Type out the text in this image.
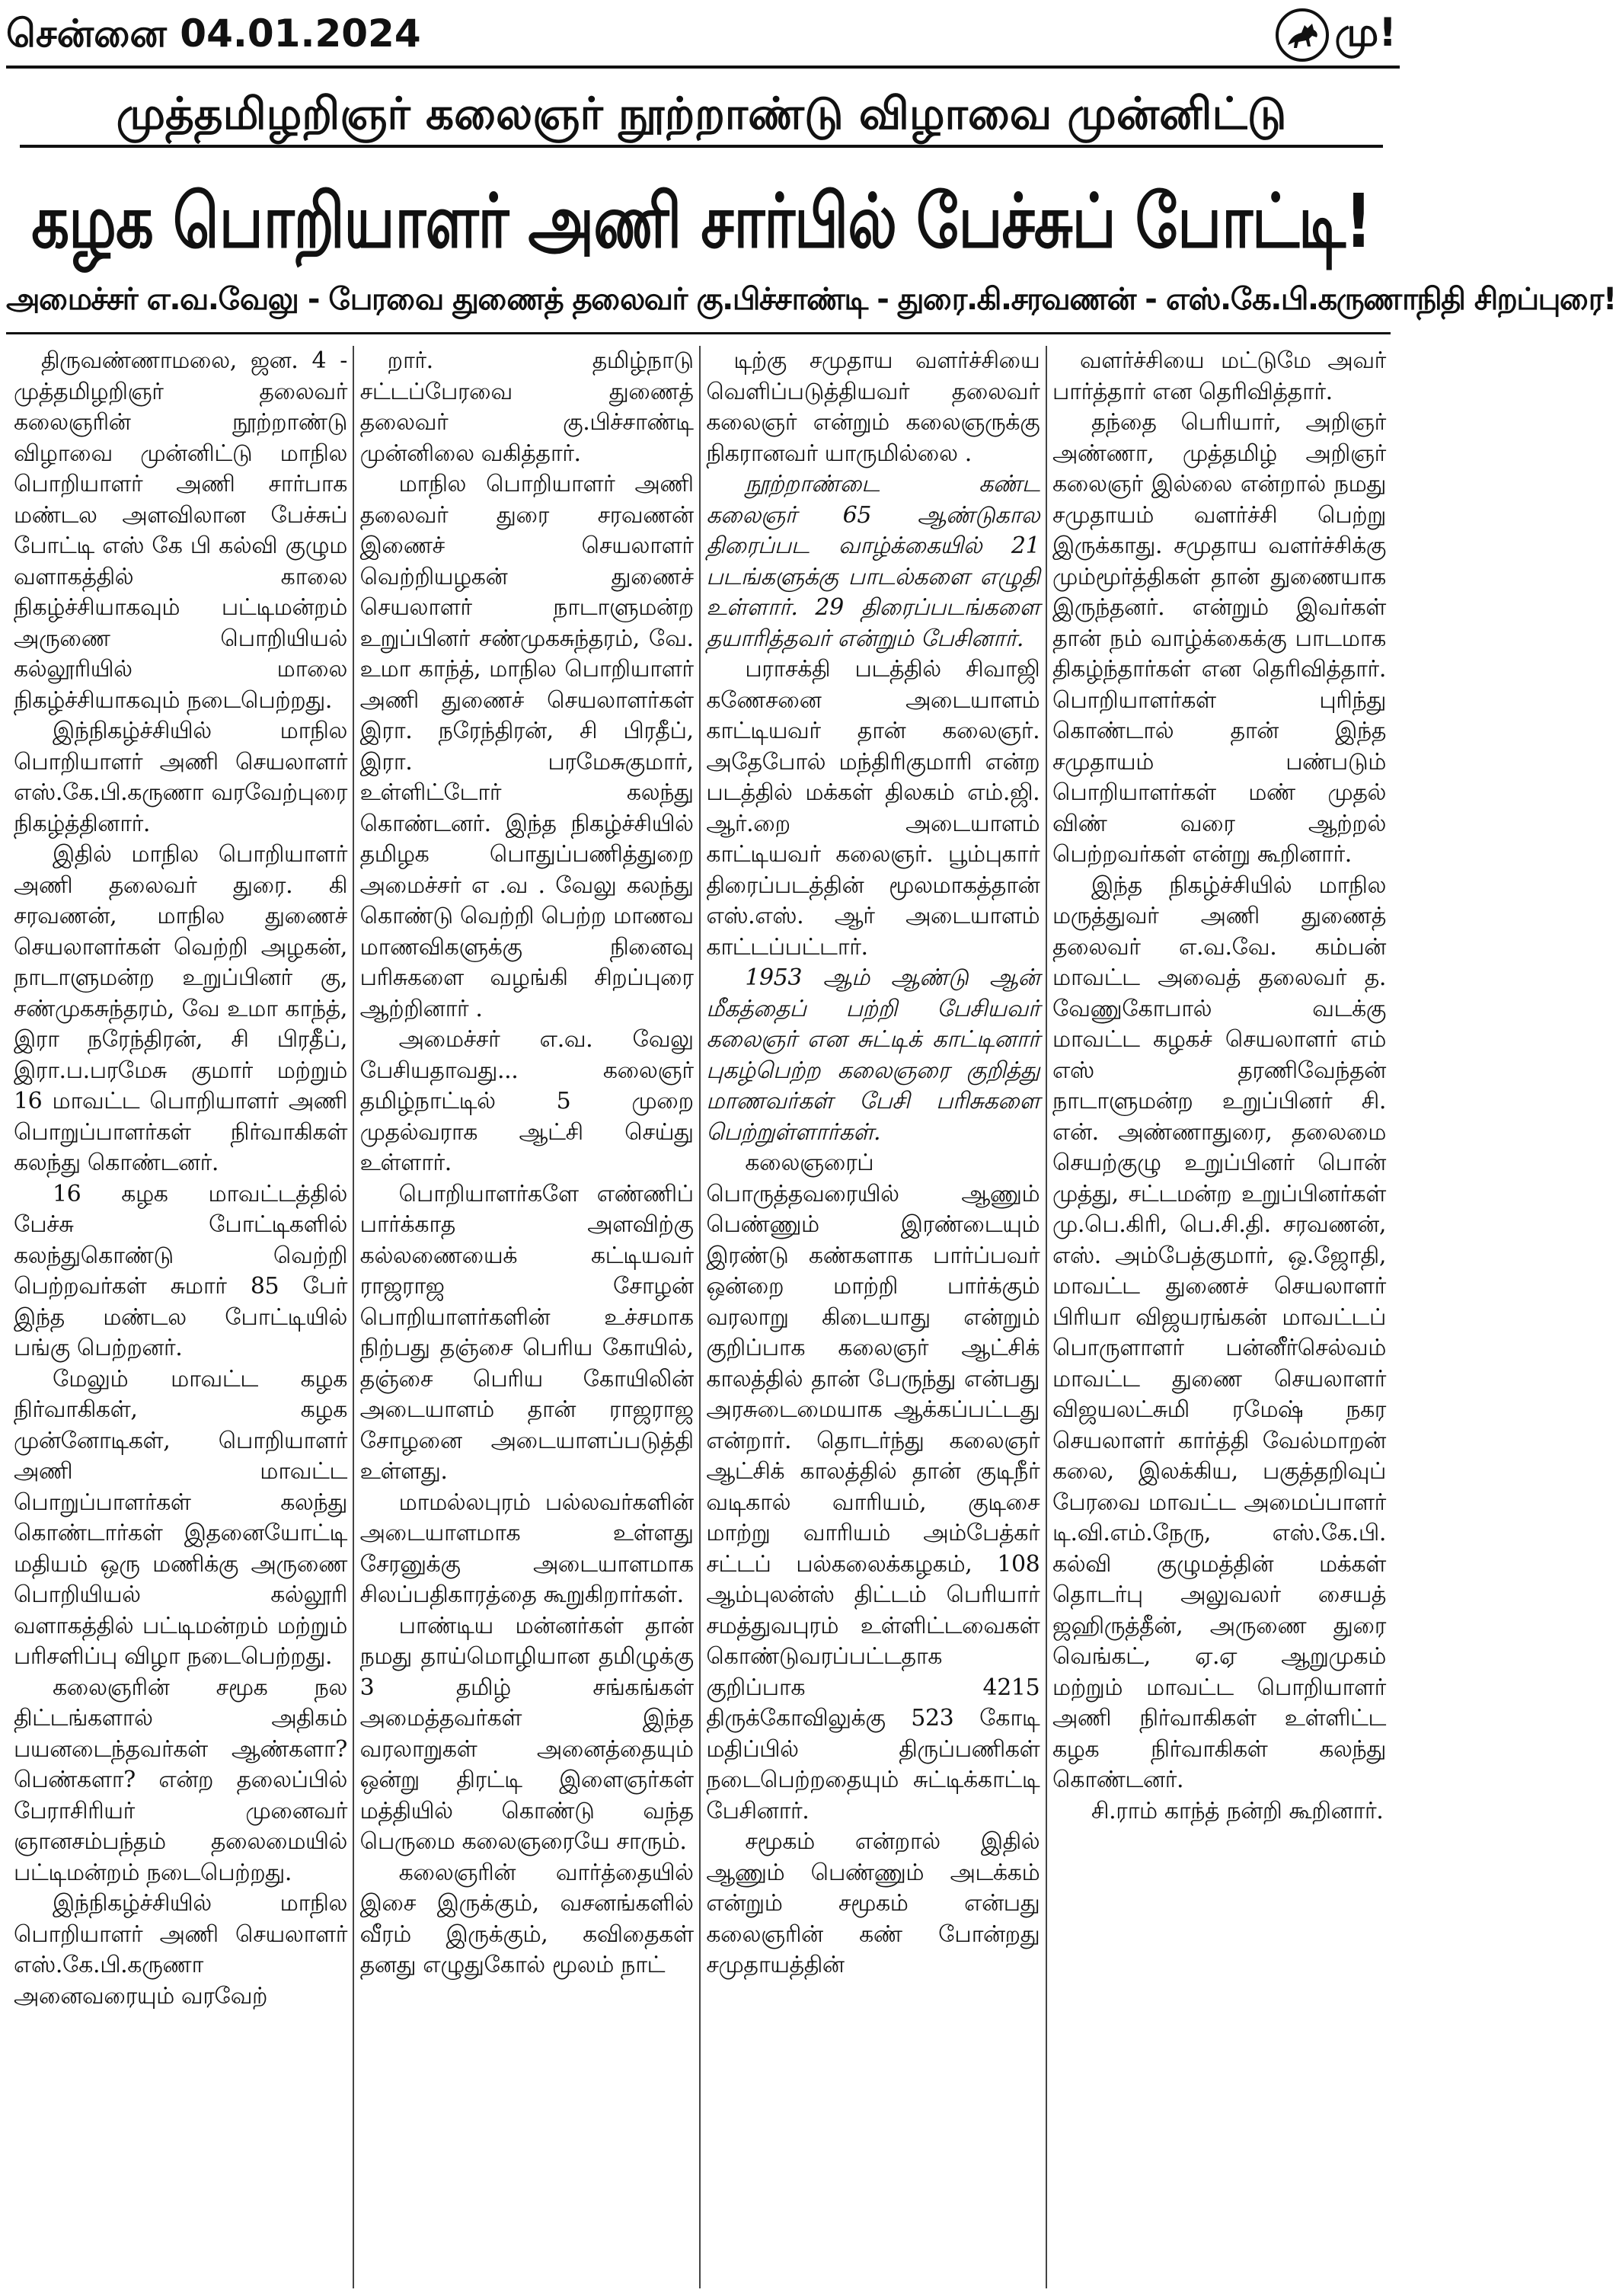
சென்னை 04.01.2024	மு!
முத்தமிழறிஞர் கலைஞர் நூற்றாண்டு விழாவை முன்னிட்டு
கழக பொறியாளர் அணி சார்பில் பேச்சுப் போட்டி!
அமைச்சர் எ.வ.வேலு - பேரவை துணைத் தலைவர் கு.பிச்சாண்டி - துரை.கி.சரவணன் - எஸ்.கே.பி.கருணாநிதி சிறப்புரை!

திருவண்ணாமலை, ஜன. 4 - முத்தமிழறிஞர் தலைவர் கலைஞரின் நூற்றாண்டு விழாவை முன்னிட்டு மாநில பொறியாளர் அணி சார்பாக மண்டல அளவிலான பேச்சுப் போட்டி எஸ் கே பி கல்வி குழும வளாகத்தில் காலை நிகழ்ச்சியாகவும் பட்டிமன்றம் அருணை பொறியியல் கல்லூரியில் மாலை நிகழ்ச்சியாகவும் நடைபெற்றது.

இந்நிகழ்ச்சியில் மாநில பொறியாளர் அணி செயலாளர் எஸ்.கே.பி.கருணா வரவேற்புரை நிகழ்த்தினார்.

இதில் மாநில பொறியாளர் அணி தலைவர் துரை. கி சரவணன், மாநில துணைச் செயலாளர்கள் வெற்றி அழகன், நாடாளுமன்ற உறுப்பினர் கு, சண்முகசுந்தரம், வே உமா காந்த், இரா நரேந்திரன், சி பிரதீப், இரா.ப.பரமேசு குமார் மற்றும் 16 மாவட்ட பொறியாளர் அணி பொறுப்பாளர்கள் நிர்வாகிகள் கலந்து கொண்டனர்.

16 கழக மாவட்டத்தில் பேச்சு போட்டிகளில் கலந்துகொண்டு வெற்றி பெற்றவர்கள் சுமார் 85 பேர் இந்த மண்டல போட்டியில் பங்கு பெற்றனர்.

மேலும் மாவட்ட கழக நிர்வாகிகள், கழக முன்னோடிகள், பொறியாளர் அணி மாவட்ட பொறுப்பாளர்கள் கலந்து கொண்டார்கள் இதனையோட்டி மதியம் ஒரு மணிக்கு அருணை பொறியியல் கல்லூரி வளாகத்தில் பட்டிமன்றம் மற்றும் பரிசளிப்பு விழா நடைபெற்றது.

கலைஞரின் சமூக நல திட்டங்களால் அதிகம் பயனடைந்தவர்கள் ஆண்களா? பெண்களா? என்ற தலைப்பில் பேராசிரியர் முனைவர் ஞானசம்பந்தம் தலைமையில் பட்டிமன்றம் நடைபெற்றது.

இந்நிகழ்ச்சியில் மாநில பொறியாளர் அணி செயலாளர் எஸ்.கே.பி.கருணா அனைவரையும் வரவேற்

றார். தமிழ்நாடு சட்டப்பேரவை துணைத் தலைவர் கு.பிச்சாண்டி முன்னிலை வகித்தார்.

மாநில பொறியாளர் அணி தலைவர் துரை சரவணன் இணைச் செயலாளர் வெற்றியழகன் துணைச் செயலாளர் நாடாளுமன்ற உறுப்பினர் சண்முகசுந்தரம், வே. உமா காந்த், மாநில பொறியாளர் அணி துணைச் செயலாளர்கள் இரா. நரேந்திரன், சி பிரதீப், இரா. பரமேசுகுமார், உள்ளிட்டோர் கலந்து கொண்டனர். இந்த நிகழ்ச்சியில் தமிழக பொதுப்பணித்துறை அமைச்சர் எ .வ . வேலு கலந்து கொண்டு வெற்றி பெற்ற மாணவ மாணவிகளுக்கு நினைவு பரிசுகளை வழங்கி சிறப்புரை ஆற்றினார் .

அமைச்சர் எ.வ. வேலு பேசியதாவது... கலைஞர் தமிழ்நாட்டில் 5 முறை முதல்வராக ஆட்சி செய்து உள்ளார்.

பொறியாளர்களே எண்ணிப் பார்க்காத அளவிற்கு கல்லணையைக் கட்டியவர் ராஜராஜ சோழன் பொறியாளர்களின் உச்சமாக நிற்பது தஞ்சை பெரிய கோயில், தஞ்சை பெரிய கோயிலின் அடையாளம் தான் ராஜராஜ சோழனை அடையாளப்படுத்தி உள்ளது.

மாமல்லபுரம் பல்லவர்களின் அடையாளமாக உள்ளது சேரனுக்கு அடையாளமாக சிலப்பதிகாரத்தை கூறுகிறார்கள்.

பாண்டிய மன்னர்கள் தான் நமது தாய்மொழியான தமிழுக்கு 3 தமிழ் சங்கங்கள் அமைத்தவர்கள் இந்த வரலாறுகள் அனைத்தையும் ஒன்று திரட்டி இளைஞர்கள் மத்தியில் கொண்டு வந்த பெருமை கலைஞரையே சாரும்.

கலைஞரின் வார்த்தையில் இசை இருக்கும், வசனங்களில் வீரம் இருக்கும், கவிதைகள் தனது எழுதுகோல் மூலம் நாட்

டிற்கு சமுதாய வளர்ச்சியை வெளிப்படுத்தியவர் தலைவர் கலைஞர் என்றும் கலைஞருக்கு நிகரானவர் யாருமில்லை .

நூற்றாண்டை கண்ட கலைஞர் 65 ஆண்டுகால திரைப்பட வாழ்க்கையில் 21 படங்களுக்கு பாடல்களை எழுதி உள்ளார். 29 திரைப்படங்களை தயாரித்தவர் என்றும் பேசினார்.

பராசக்தி படத்தில் சிவாஜி கணேசனை அடையாளம் காட்டியவர் தான் கலைஞர். அதேபோல் மந்திரிகுமாரி என்ற படத்தில் மக்கள் திலகம் எம்.ஜி. ஆர்.றை அடையாளம் காட்டியவர் கலைஞர். பூம்புகார் திரைப்படத்தின் மூலமாகத்தான் எஸ்.எஸ். ஆர் அடையாளம் காட்டப்பட்டார்.

1953 ஆம் ஆண்டு ஆன் மீகத்தைப் பற்றி பேசியவர் கலைஞர் என சுட்டிக் காட்டினார் புகழ்பெற்ற கலைஞரை குறித்து மாணவர்கள் பேசி பரிசுகளை பெற்றுள்ளார்கள்.

கலைஞரைப் பொருத்தவரையில் ஆணும் பெண்ணும் இரண்டையும் இரண்டு கண்களாக பார்ப்பவர் ஒன்றை மாற்றி பார்க்கும் வரலாறு கிடையாது என்றும் குறிப்பாக கலைஞர் ஆட்சிக் காலத்தில் தான் பேருந்து என்பது அரசுடைமையாக ஆக்கப்பட்டது என்றார். தொடர்ந்து கலைஞர் ஆட்சிக் காலத்தில் தான் குடிநீர் வடிகால் வாரியம், குடிசை மாற்று வாரியம் அம்பேத்கர் சட்டப் பல்கலைக்கழகம், 108 ஆம்புலன்ஸ் திட்டம் பெரியார் சமத்துவபுரம் உள்ளிட்டவைகள் கொண்டுவரப்பட்டதாக குறிப்பாக 4215 திருக்கோவிலுக்கு 523 கோடி மதிப்பில் திருப்பணிகள் நடைபெற்றதையும் சுட்டிக்காட்டி பேசினார்.

சமூகம் என்றால் இதில் ஆணும் பெண்ணும் அடக்கம் என்றும் சமூகம் என்பது கலைஞரின் கண் போன்றது சமுதாயத்தின்

வளர்ச்சியை மட்டுமே அவர் பார்த்தார் என தெரிவித்தார்.

தந்தை பெரியார், அறிஞர் அண்ணா, முத்தமிழ் அறிஞர் கலைஞர் இல்லை என்றால் நமது சமுதாயம் வளர்ச்சி பெற்று இருக்காது. சமுதாய வளர்ச்சிக்கு மும்மூர்த்திகள் தான் துணையாக இருந்தனர். என்றும் இவர்கள் தான் நம் வாழ்க்கைக்கு பாடமாக திகழ்ந்தார்கள் என தெரிவித்தார். பொறியாளர்கள் புரிந்து கொண்டால் தான் இந்த சமுதாயம் பண்படும் பொறியாளர்கள் மண் முதல் விண் வரை ஆற்றல் பெற்றவர்கள் என்று கூறினார்.

இந்த நிகழ்ச்சியில் மாநில மருத்துவர் அணி துணைத் தலைவர் எ.வ.வே. கம்பன் மாவட்ட அவைத் தலைவர் த. வேணுகோபால் வடக்கு மாவட்ட கழகச் செயலாளர் எம் எஸ் தரணிவேந்தன் நாடாளுமன்ற உறுப்பினர் சி. என். அண்ணாதுரை, தலைமை செயற்குழு உறுப்பினர் பொன் முத்து, சட்டமன்ற உறுப்பினர்கள் மு.பெ.கிரி, பெ.சி.தி. சரவணன், எஸ். அம்பேத்குமார், ஒ.ஜோதி, மாவட்ட துணைச் செயலாளர் பிரியா விஜயரங்கன் மாவட்டப் பொருளாளர் பன்னீர்செல்வம் மாவட்ட துணை செயலாளர் விஜயலட்சுமி ரமேஷ் நகர செயலாளர் கார்த்தி வேல்மாறன் கலை, இலக்கிய, பகுத்தறிவுப் பேரவை மாவட்ட அமைப்பாளர் டி.வி.எம்.நேரு, எஸ்.கே.பி. கல்வி குழுமத்தின் மக்கள் தொடர்பு அலுவலர் சையத் ஜஹிருத்தீன், அருணை துரை வெங்கட், ஏ.ஏ ஆறுமுகம் மற்றும் மாவட்ட பொறியாளர் அணி நிர்வாகிகள் உள்ளிட்ட கழக நிர்வாகிகள் கலந்து கொண்டனர்.

சி.ராம் காந்த் நன்றி கூறினார்.
